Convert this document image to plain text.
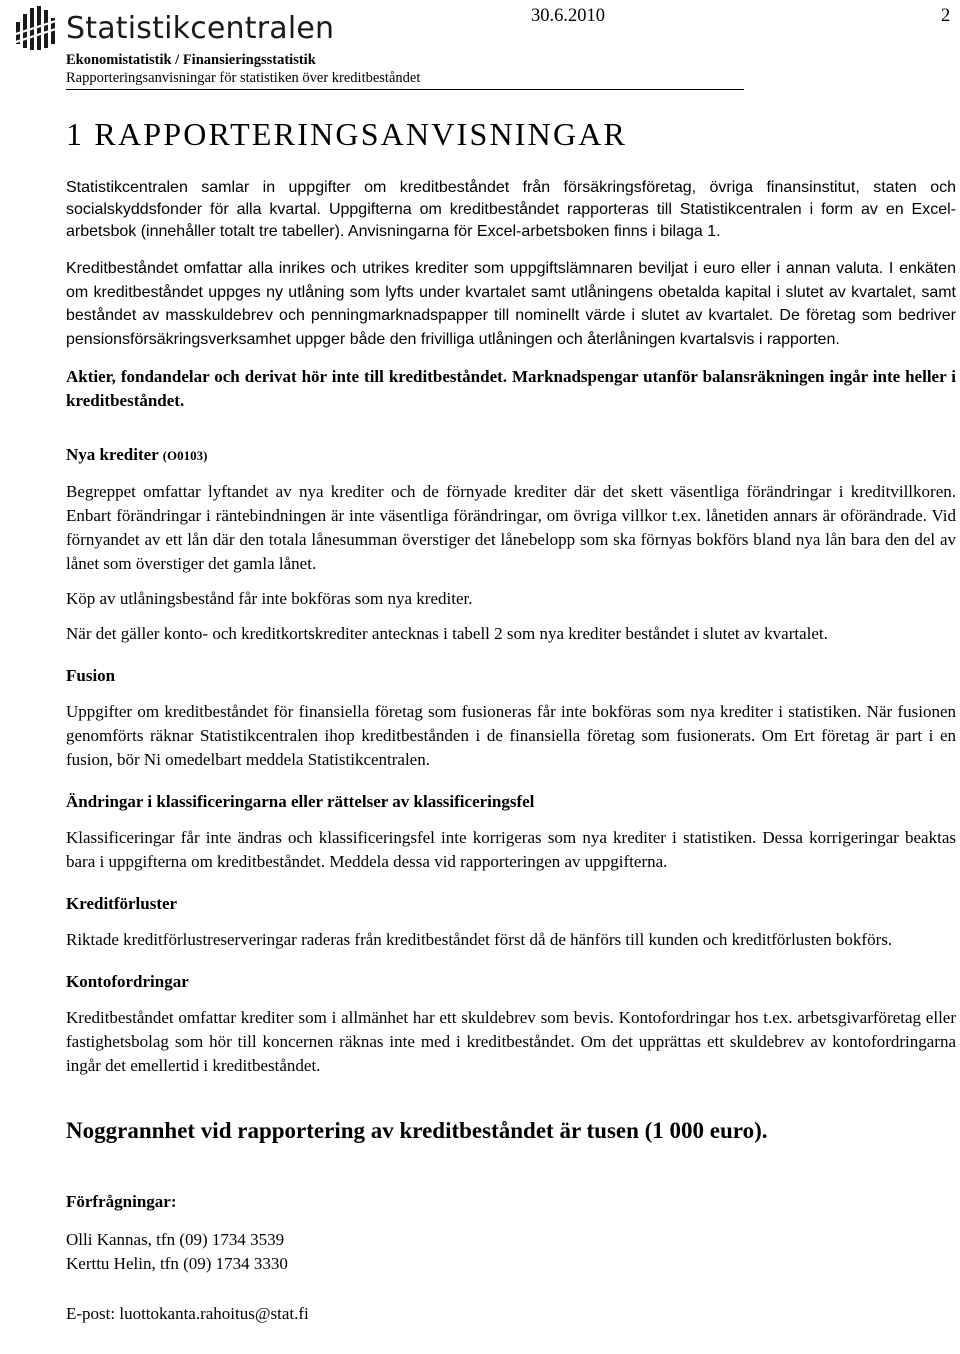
Statistikcentralen	30.6.2010	2
Ekonomistatistik / Finansieringsstatistik
Rapporteringsanvisningar för statistiken över kreditbeståndet
1 RAPPORTERINGSANVISNINGAR

Statistikcentralen samlar in uppgifter om kreditbeståndet från försäkringsföretag, övriga finansinstitut, staten och socialskyddsfonder för alla kvartal. Uppgifterna om kreditbeståndet rapporteras till Statistikcentralen i form av en Excel-arbetsbok (innehåller totalt tre tabeller). Anvisningarna för Excel-arbetsboken finns i bilaga 1.

Kreditbeståndet omfattar alla inrikes och utrikes krediter som uppgiftslämnaren beviljat i euro eller i annan valuta. I enkäten om kreditbeståndet uppges ny utlåning som lyfts under kvartalet samt utlåningens obetalda kapital i slutet av kvartalet, samt beståndet av masskuldebrev och penningmarknadspapper till nominellt värde i slutet av kvartalet. De företag som bedriver pensionsförsäkringsverksamhet uppger både den frivilliga utlåningen och återlåningen kvartalsvis i rapporten.

Aktier, fondandelar och derivat hör inte till kreditbeståndet. Marknadspengar utanför balansräkningen ingår inte heller i kreditbeståndet.

Nya krediter (O0103)

Begreppet omfattar lyftandet av nya krediter och de förnyade krediter där det skett väsentliga förändringar i kreditvillkoren. Enbart förändringar i räntebindningen är inte väsentliga förändringar, om övriga villkor t.ex. lånetiden annars är oförändrade. Vid förnyandet av ett lån där den totala lånesumman överstiger det lånebelopp som ska förnyas bokförs bland nya lån bara den del av lånet som överstiger det gamla lånet.

Köp av utlåningsbestånd får inte bokföras som nya krediter.

När det gäller konto- och kreditkortskrediter antecknas i tabell 2 som nya krediter beståndet i slutet av kvartalet.

Fusion

Uppgifter om kreditbeståndet för finansiella företag som fusioneras får inte bokföras som nya krediter i statistiken. När fusionen genomförts räknar Statistikcentralen ihop kreditbestånden i de finansiella företag som fusionerats. Om Ert företag är part i en fusion, bör Ni omedelbart meddela Statistikcentralen.

Ändringar i klassificeringarna eller rättelser av klassificeringsfel

Klassificeringar får inte ändras och klassificeringsfel inte korrigeras som nya krediter i statistiken. Dessa korrigeringar beaktas bara i uppgifterna om kreditbeståndet. Meddela dessa vid rapporteringen av uppgifterna.

Kreditförluster

Riktade kreditförlustreserveringar raderas från kreditbeståndet först då de hänförs till kunden och kreditförlusten bokförs.

Kontofordringar

Kreditbeståndet omfattar krediter som i allmänhet har ett skuldebrev som bevis. Kontofordringar hos t.ex. arbetsgivarföretag eller fastighetsbolag som hör till koncernen räknas inte med i kreditbeståndet. Om det upprättas ett skuldebrev av kontofordringarna ingår det emellertid i kreditbeståndet.

Noggrannhet vid rapportering av kreditbeståndet är tusen (1 000 euro).

Förfrågningar:

Olli Kannas, tfn (09) 1734 3539

Kerttu Helin, tfn (09) 1734 3330

E-post: luottokanta.rahoitus@stat.fi
